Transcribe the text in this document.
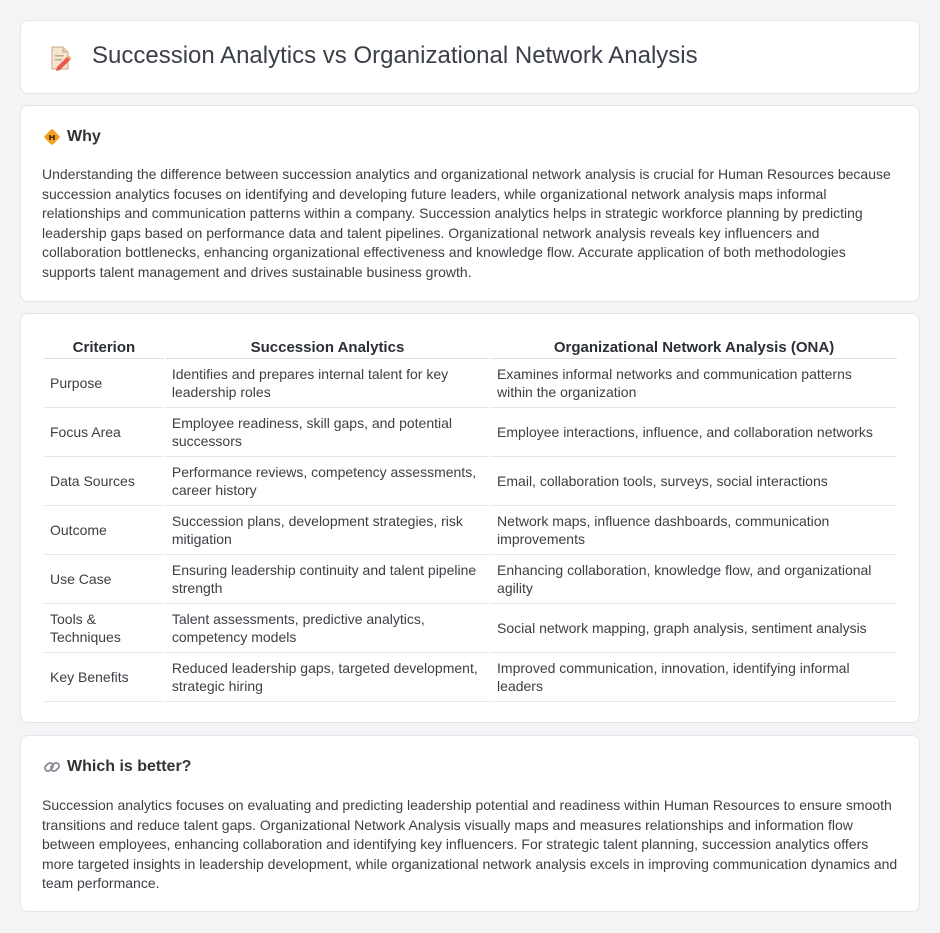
Succession Analytics vs Organizational Network Analysis
Why

Understanding the difference between succession analytics and organizational network analysis is crucial for Human Resources because succession analytics focuses on identifying and developing future leaders, while organizational network analysis maps informal relationships and communication patterns within a company. Succession analytics helps in strategic workforce planning by predicting leadership gaps based on performance data and talent pipelines. Organizational network analysis reveals key influencers and collaboration bottlenecks, enhancing organizational effectiveness and knowledge flow. Accurate application of both methodologies supports talent management and drives sustainable business growth.

Criterion	Succession Analytics	Organizational Network Analysis (ONA)
Purpose	Identifies and prepares internal talent for key leadership roles	Examines informal networks and communication patterns within the organization
Focus Area	Employee readiness, skill gaps, and potential successors	Employee interactions, influence, and collaboration networks
Data Sources	Performance reviews, competency assessments, career history	Email, collaboration tools, surveys, social interactions
Outcome	Succession plans, development strategies, risk mitigation	Network maps, influence dashboards, communication improvements
Use Case	Ensuring leadership continuity and talent pipeline strength	Enhancing collaboration, knowledge flow, and organizational agility
Tools & Techniques	Talent assessments, predictive analytics, competency models	Social network mapping, graph analysis, sentiment analysis
Key Benefits	Reduced leadership gaps, targeted development, strategic hiring	Improved communication, innovation, identifying informal leaders
Which is better?

Succession analytics focuses on evaluating and predicting leadership potential and readiness within Human Resources to ensure smooth transitions and reduce talent gaps. Organizational Network Analysis visually maps and measures relationships and information flow between employees, enhancing collaboration and identifying key influencers. For strategic talent planning, succession analytics offers more targeted insights in leadership development, while organizational network analysis excels in improving communication dynamics and team performance.
